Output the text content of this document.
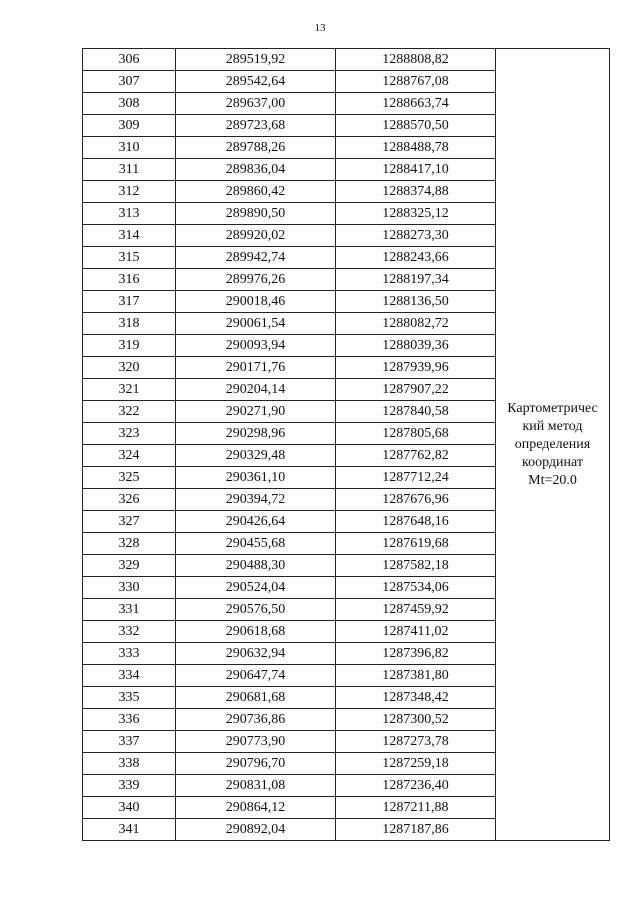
13
306	289519,92	1288808,82	Картометричес
кий метод
определения
координат
Mt=20.0

307	289542,64	1288767,08	
308	289637,00	1288663,74	
309	289723,68	1288570,50	
310	289788,26	1288488,78	
311	289836,04	1288417,10	
312	289860,42	1288374,88	
313	289890,50	1288325,12	
314	289920,02	1288273,30	
315	289942,74	1288243,66	
316	289976,26	1288197,34	
317	290018,46	1288136,50	
318	290061,54	1288082,72	
319	290093,94	1288039,36	
320	290171,76	1287939,96	
321	290204,14	1287907,22	
322	290271,90	1287840,58	
323	290298,96	1287805,68	
324	290329,48	1287762,82	
325	290361,10	1287712,24	
326	290394,72	1287676,96	
327	290426,64	1287648,16	
328	290455,68	1287619,68	
329	290488,30	1287582,18	
330	290524,04	1287534,06	
331	290576,50	1287459,92	
332	290618,68	1287411,02	
333	290632,94	1287396,82	
334	290647,74	1287381,80	
335	290681,68	1287348,42	
336	290736,86	1287300,52	
337	290773,90	1287273,78	
338	290796,70	1287259,18	
339	290831,08	1287236,40	
340	290864,12	1287211,88	
341	290892,04	1287187,86	
